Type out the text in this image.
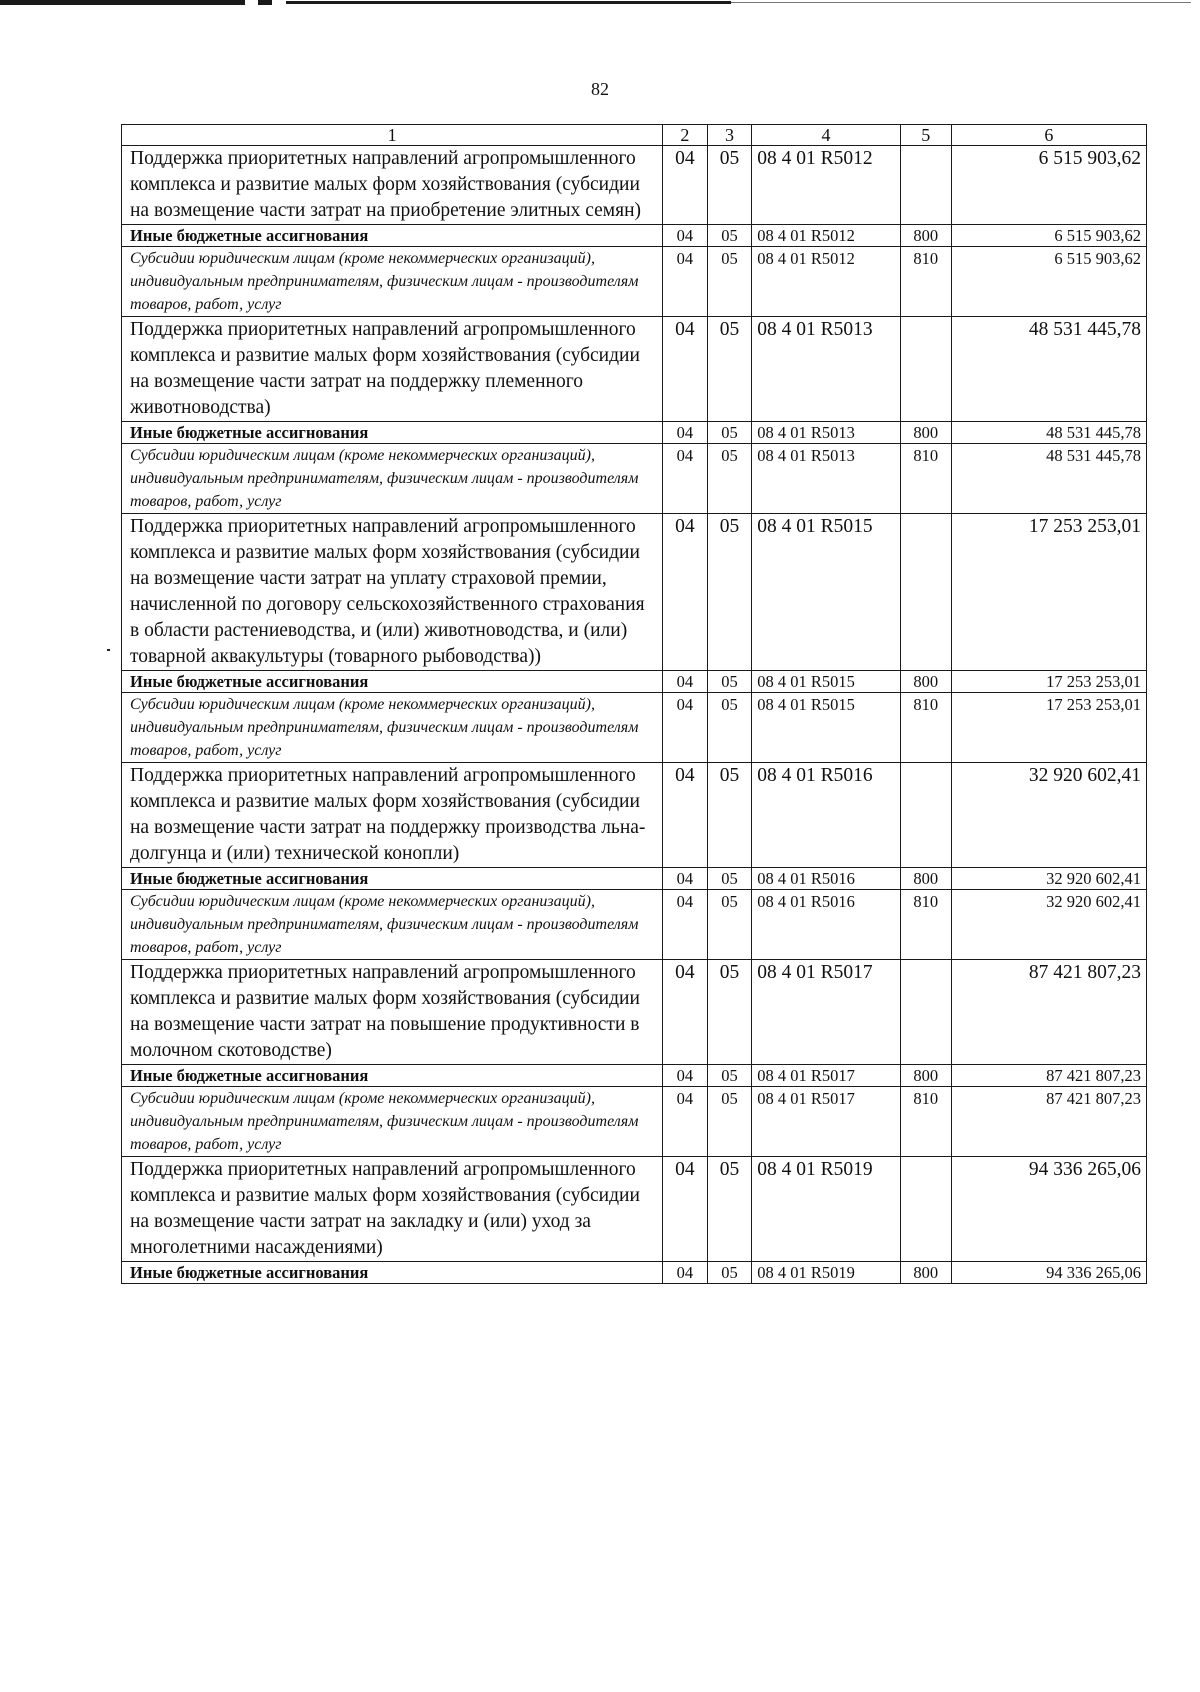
82
1	2	3	4	5	6
Поддержка приоритетных направлений агропромышленного комплекса и развитие малых форм хозяйствования (субсидии на возмещение части затрат на приобретение элитных семян)	04	05	08 4 01 R5012		6 515 903,62
Иные бюджетные ассигнования	04	05	08 4 01 R5012	800	6 515 903,62
Субсидии юридическим лицам (кроме некоммерческих организаций), индивидуальным предпринимателям, физическим лицам - производителям товаров, работ, услуг	04	05	08 4 01 R5012	810	6 515 903,62
Поддержка приоритетных направлений агропромышленного комплекса и развитие малых форм хозяйствования (субсидии на возмещение части затрат на поддержку племенного животноводства)	04	05	08 4 01 R5013		48 531 445,78
Иные бюджетные ассигнования	04	05	08 4 01 R5013	800	48 531 445,78
Субсидии юридическим лицам (кроме некоммерческих организаций), индивидуальным предпринимателям, физическим лицам - производителям товаров, работ, услуг	04	05	08 4 01 R5013	810	48 531 445,78
Поддержка приоритетных направлений агропромышленного комплекса и развитие малых форм хозяйствования (субсидии на возмещение части затрат на уплату страховой премии, начисленной по договору сельскохозяйственного страхования в области растениеводства, и (или) животноводства, и (или) товарной аквакультуры (товарного рыбоводства))	04	05	08 4 01 R5015		17 253 253,01
Иные бюджетные ассигнования	04	05	08 4 01 R5015	800	17 253 253,01
Субсидии юридическим лицам (кроме некоммерческих организаций), индивидуальным предпринимателям, физическим лицам - производителям товаров, работ, услуг	04	05	08 4 01 R5015	810	17 253 253,01
Поддержка приоритетных направлений агропромышленного комплекса и развитие малых форм хозяйствования (субсидии на возмещение части затрат на поддержку производства льна-долгунца и (или) технической конопли)	04	05	08 4 01 R5016		32 920 602,41
Иные бюджетные ассигнования	04	05	08 4 01 R5016	800	32 920 602,41
Субсидии юридическим лицам (кроме некоммерческих организаций), индивидуальным предпринимателям, физическим лицам - производителям товаров, работ, услуг	04	05	08 4 01 R5016	810	32 920 602,41
Поддержка приоритетных направлений агропромышленного комплекса и развитие малых форм хозяйствования (субсидии на возмещение части затрат на повышение продуктивности в молочном скотоводстве)	04	05	08 4 01 R5017		87 421 807,23
Иные бюджетные ассигнования	04	05	08 4 01 R5017	800	87 421 807,23
Субсидии юридическим лицам (кроме некоммерческих организаций), индивидуальным предпринимателям, физическим лицам - производителям товаров, работ, услуг	04	05	08 4 01 R5017	810	87 421 807,23
Поддержка приоритетных направлений агропромышленного комплекса и развитие малых форм хозяйствования (субсидии на возмещение части затрат на закладку и (или) уход за многолетними насаждениями)	04	05	08 4 01 R5019		94 336 265,06
Иные бюджетные ассигнования	04	05	08 4 01 R5019	800	94 336 265,06
